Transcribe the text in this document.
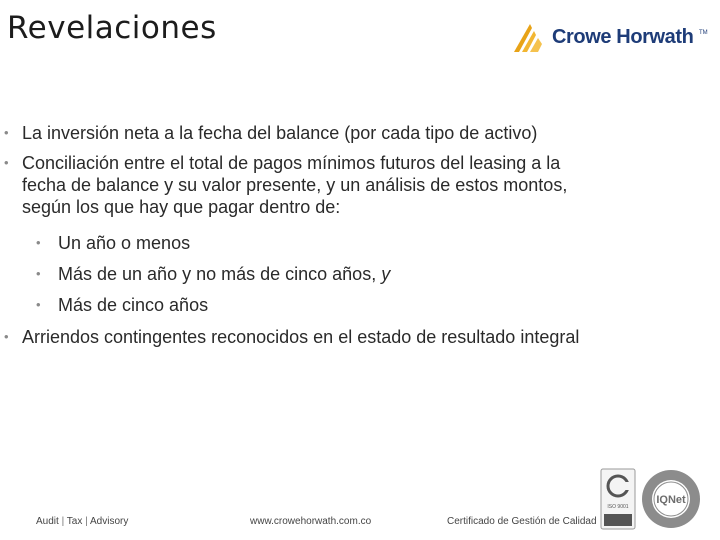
Revelaciones	Crowe Horwath TM
• La inversión neta a la fecha del balance (por cada tipo de activo)
• Conciliación entre el total de pagos mínimos futuros del leasing a la
fecha de balance y su valor presente, y un análisis de estos montos,
según los que hay que pagar dentro de:
• Un año o menos
• Más de un año y no más de cinco años, y
• Más de cinco años
• Arriendos contingentes reconocidos en el estado de resultado integral
Audit | Tax | Advisory	www.crowehorwath.com.co	Certificado de Gestión de Calidad
ISO 9001
IQNet
